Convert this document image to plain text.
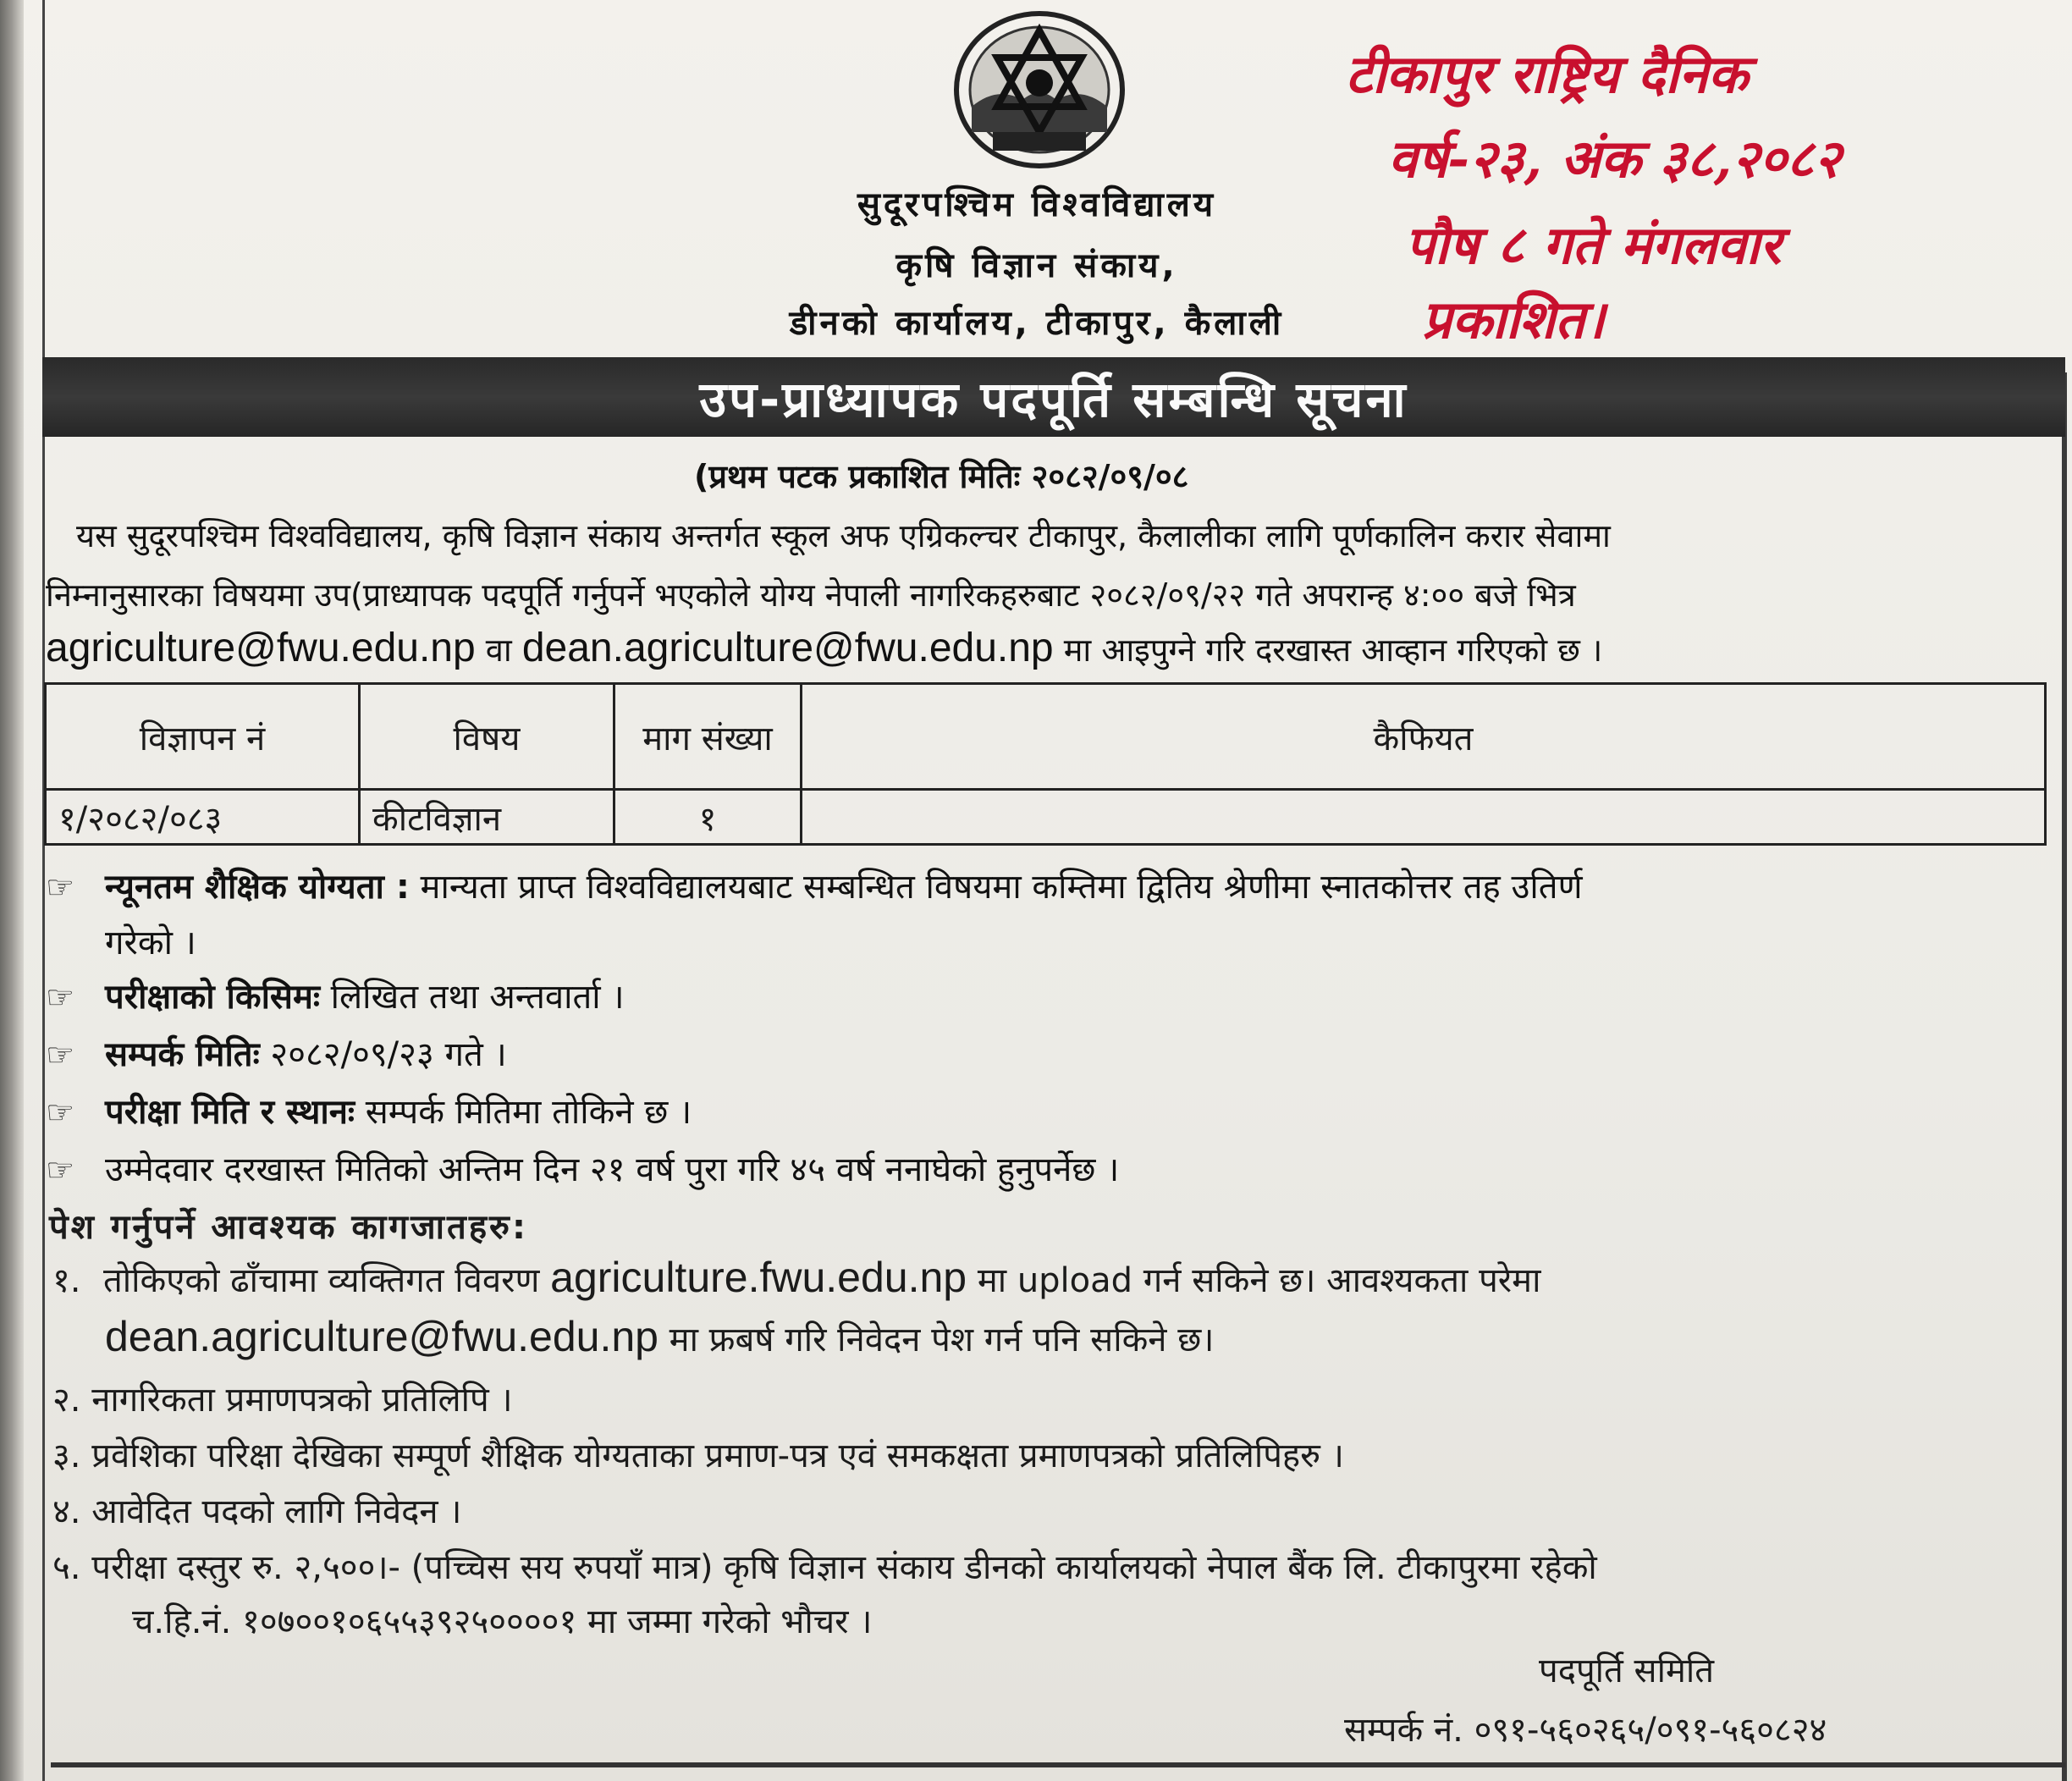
सुदूरपश्चिम विश्वविद्यालय
कृषि विज्ञान संकाय,
डीनको कार्यालय, टीकापुर, कैलाली
टीकापुर राष्ट्रिय दैनिक
वर्ष-२३, अंक ३८,२०८२
पौष ८ गते मंगलवार
प्रकाशित।
उप-प्राध्यापक पदपूर्ति सम्बन्धि सूचना
(प्रथम पटक प्रकाशित मितिः २०८२/०९/०८
यस सुदूरपश्चिम विश्वविद्यालय, कृषि विज्ञान संकाय अन्तर्गत स्कूल अफ एग्रिकल्चर टीकापुर, कैलालीका लागि पूर्णकालिन करार सेवामा
निम्नानुसारका विषयमा उप(प्राध्यापक पदपूर्ति गर्नुपर्ने भएकोले योग्य नेपाली नागरिकहरुबाट २०८२/०९/२२ गते अपरान्ह ४:०० बजे भित्र
agriculture@fwu.edu.np वा dean.agriculture@fwu.edu.np मा आइपुग्ने गरि दरखास्त आव्हान गरिएको छ ।
विज्ञापन नं	विषय	माग संख्या	कैफियत
१/२०८२/०८३	कीटविज्ञान	१	
☞ न्यूनतम शैक्षिक योग्यता : मान्यता प्राप्त विश्वविद्यालयबाट सम्बन्धित विषयमा कम्तिमा द्वितिय श्रेणीमा स्नातकोत्तर तह उतिर्ण
गरेको ।
☞ परीक्षाको किसिमः लिखित तथा अन्तवार्ता ।
☞ सम्पर्क मितिः २०८२/०९/२३ गते ।
☞ परीक्षा मिति र स्थानः सम्पर्क मितिमा तोकिने छ ।
☞ उम्मेदवार दरखास्त मितिको अन्तिम दिन २१ वर्ष पुरा गरि ४५ वर्ष ननाघेको हुनुपर्नेछ ।
पेश गर्नुपर्ने आवश्यक कागजातहरु:
१. तोकिएको ढाँचामा व्यक्तिगत विवरण agriculture.fwu.edu.np मा upload गर्न सकिने छ। आवश्यकता परेमा
dean.agriculture@fwu.edu.np मा फ्रबर्ष गरि निवेदन पेश गर्न पनि सकिने छ।
२. नागरिकता प्रमाणपत्रको प्रतिलिपि ।
३. प्रवेशिका परिक्षा देखिका सम्पूर्ण शैक्षिक योग्यताका प्रमाण-पत्र एवं समकक्षता प्रमाणपत्रको प्रतिलिपिहरु ।
४. आवेदित पदको लागि निवेदन ।
५. परीक्षा दस्तुर रु. २,५००।- (पच्चिस सय रुपयाँ मात्र) कृषि विज्ञान संकाय डीनको कार्यालयको नेपाल बैंक लि. टीकापुरमा रहेको
च.हि.नं. १०७००१०६५५३९२५००००१ मा जम्मा गरेको भौचर ।
पदपूर्ति समिति
सम्पर्क नं. ०९१-५६०२६५/०९१-५६०८२४
